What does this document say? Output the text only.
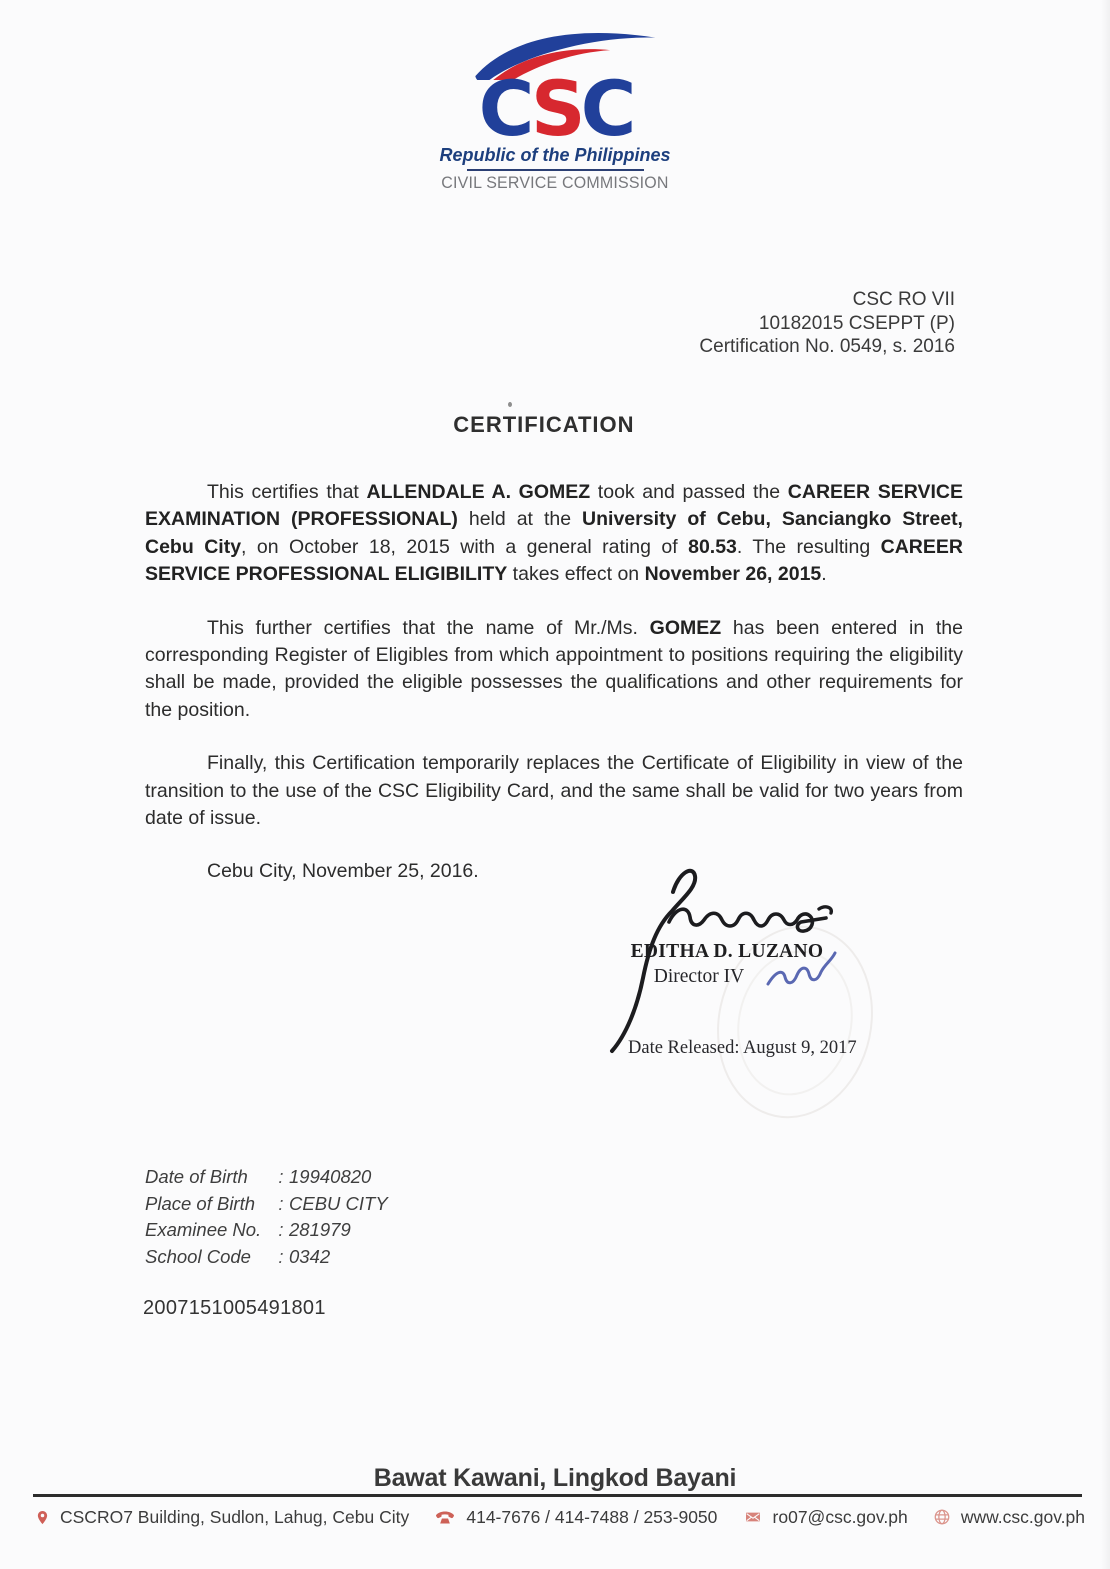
CSC
Republic of the Philippines
CIVIL SERVICE COMMISSION
CSC RO VII
10182015 CSEPPT (P)
Certification No. 0549, s. 2016
CERTIFICATION

This certifies that ALLENDALE A. GOMEZ took and passed the CAREER SERVICE EXAMINATION (PROFESSIONAL) held at the University of Cebu, Sanciangko Street, Cebu City, on October 18, 2015 with a general rating of 80.53. The resulting CAREER SERVICE PROFESSIONAL ELIGIBILITY takes effect on November 26, 2015.

This further certifies that the name of Mr./Ms. GOMEZ has been entered in the corresponding Register of Eligibles from which appointment to positions requiring the eligibility shall be made, provided the eligible possesses the qualifications and other requirements for the position.

Finally, this Certification temporarily replaces the Certificate of Eligibility in view of the transition to the use of the CSC Eligibility Card, and the same shall be valid for two years from date of issue.

Cebu City, November 25, 2016.

EDITHA D. LUZANO
Director IV
Date Released: August 9, 2017
Date of Birth	: 19940820
Place of Birth	: CEBU CITY
Examinee No. : 281979
School Code	: 0342
2007151005491801
Bawat Kawani, Lingkod Bayani
CSCRO7 Building, Sudlon, Lahug, Cebu City	414-7676 / 414-7488 / 253-9050	ro07@csc.gov.ph	www.csc.gov.ph
